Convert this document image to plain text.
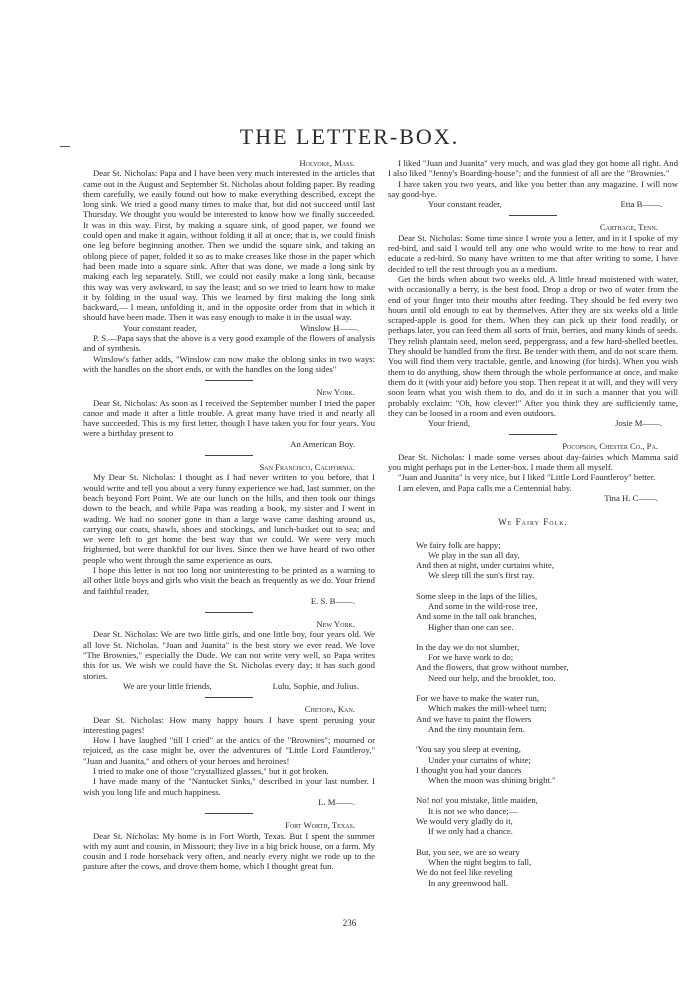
THE LETTER-BOX.
Holyoke, Mass.

Dear St. Nicholas: Papa and I have been very much interested in the articles that came out in the August and September St. Nicholas about folding paper. By reading them carefully, we easily found out how to make everything described, except the long sink. We tried a good many times to make that, but did not succeed until last Thursday. We thought you would be interested to know how we finally succeeded. It was in this way. First, by making a square sink, of good paper, we found we could open and make it again, without folding it all at once; that is, we could finish one leg before beginning another. Then we undid the square sink, and taking an oblong piece of paper, folded it so as to make creases like those in the paper which had been made into a square sink. After that was done, we made a long sink by making each leg separately. Still, we could not easily make a long sink, because this way was very awkward, to say the least; and so we tried to learn how to make it by folding in the usual way. This we learned by first making the long sink backward,— I mean, unfolding it, and in the opposite order from that in which it should have been made. Then it was easy enough to make it in the usual way.

Your constant reader,	Winslow H——.

P. S.—Papa says that the above is a very good example of the flowers of analysis and of synthesis.

Winslow's father adds, "Winslow can now make the oblong sinks in two ways: with the handles on the short ends, or with the handles on the long sides"

New York.

Dear St. Nicholas: As soon as I received the September number I tried the paper canoe and made it after a little trouble. A great many have tried it and nearly all have succeeded. This is my first letter, though I have taken you for four years. You were a birthday present to

An American Boy.
San Francisco, California.

My Dear St. Nicholas: I thought as I had never written to you before, that I would write and tell you about a very funny experience we had, last summer, on the beach beyond Fort Point. We ate our lunch on the hills, and then took our things down to the beach, and while Papa was reading a book, my sister and I went in wading. We had no sooner gone in than a large wave came dashing around us, carrying our coats, shawls, shoes and stockings, and lunch-basket out to sea; and we were left to get home the best way that we could. We were very much frightened, but were thankful for our lives. Since then we have heard of two other people who went through the same experience as ours.

I hope this letter is not too long nor uninteresting to be printed as a warning to all other little boys and girls who visit the beach as frequently as we do. Your friend and faithful reader,

E. S. B——.
New York.

Dear St. Nicholas: We are two little girls, and one little boy, four years old. We all love St. Nicholas. "Juan and Juanita" is the best story we ever read. We love "The Brownies," especially the Dude. We can not write very well, so Papa writes this for us. We wish we could have the St. Nicholas every day; it has such good stories.

We are your little friends,	Lulu, Sophie, and Julius.
Chetopa, Kan.

Dear St. Nicholas: How many happy hours I have spent perusing your interesting pages!

How I have laughed "till I cried" at the antics of the "Brownies"; mourned or rejoiced, as the case might be, over the adventures of "Little Lord Fauntleroy," "Juan and Juanita," and others of your heroes and heroines!

I tried to make one of those "crystallized glasses," but it got broken.

I have made many of the "Nantucket Sinks," described in your last number. I wish you long life and much happiness.

L. M——.
Fort Worth, Texas.

Dear St. Nicholas: My home is in Fort Worth, Texas. But I spent the summer with my aunt and cousin, in Missouri; they live in a big brick house, on a farm. My cousin and I rode horseback very often, and nearly every night we rode up to the pasture after the cows, and drove them home, which I thought great fun.

I liked "Juan and Juanita" very much, and was glad they got home all right. And I also liked "Jenny's Boarding-house"; and the funniest of all are the "Brownies."

I have taken you two years, and like you better than any magazine. I will now say good-bye.

Your constant reader,	Etta B——.
Carthage, Tenn.

Dear St. Nicholas: Some time since I wrote you a letter, and in it I spoke of my red-bird, and said I would tell any one who would write to me how to rear and educate a red-bird. So many have written to me that after writing to some, I have decided to tell the rest through you as a medium.

Get the birds when about two weeks old. A little bread moistened with water, with occasionally a berry, is the best food. Drop a drop or two of water from the end of your finger into their mouths after feeding. They should be fed every two hours until old enough to eat by themselves. After they are six weeks old a little scraped-apple is good for them. When they can pick up their food readily, or perhaps later, you can feed them all sorts of fruit, berries, and many kinds of seeds. They relish plantain seed, melon seed, peppergrass, and a few hard-shelled beetles. They should be handled from the first. Be tender with them, and do not scare them. You will find them very tractable, gentle, and knowing (for birds). When you wish them to do anything, show them through the whole performance at once, and make them do it (with your aid) before you stop. Then repeat it at will, and they will very soon learn what you wish them to do, and do it in such a manner that you will probably exclaim: "Oh, how clever!" After you think they are sufficiently tame, they can be loosed in a room and even outdoors.

Your friend,	Josie M——.
Pocopson, Chester Co., Pa.

Dear St. Nicholas: I made some verses about day-fairies which Mamma said you might perhaps put in the Letter-box. I made them all myself.

"Juan and Juanita" is very nice, but I liked "Little Lord Fauntleroy" better.

I am eleven, and Papa calls me a Centennial baby.

Tina H. C——.
We Fairy Folk.
We fairy folk are happy;
We play in the sun all day,
And then at night, under curtains white,
We sleep till the sun's first ray.
Some sleep in the laps of the lilies,
And some in the wild-rose tree,
And some in the tall oak branches,
Higher than one can see.
In the day we do not slumber,
For we have work to do;
And the flowers, that grow without number,
Need our help, and the brooklet, too.
For we have to make the water run,
Which makes the mill-wheel turn;
And we have to paint the flowers
And the tiny mountain fern.
'You say you sleep at evening,
Under your curtains of white;
I thought you had your dances
When the moon was shining bright."
No! no! you mistake, little maiden,
It is not we who dance;—
We would very gladly do it,
If we only had a chance.
But, you see, we are so weary
When the night begins to fall,
We do not feel like reveling
In any greenwood hall.
236
